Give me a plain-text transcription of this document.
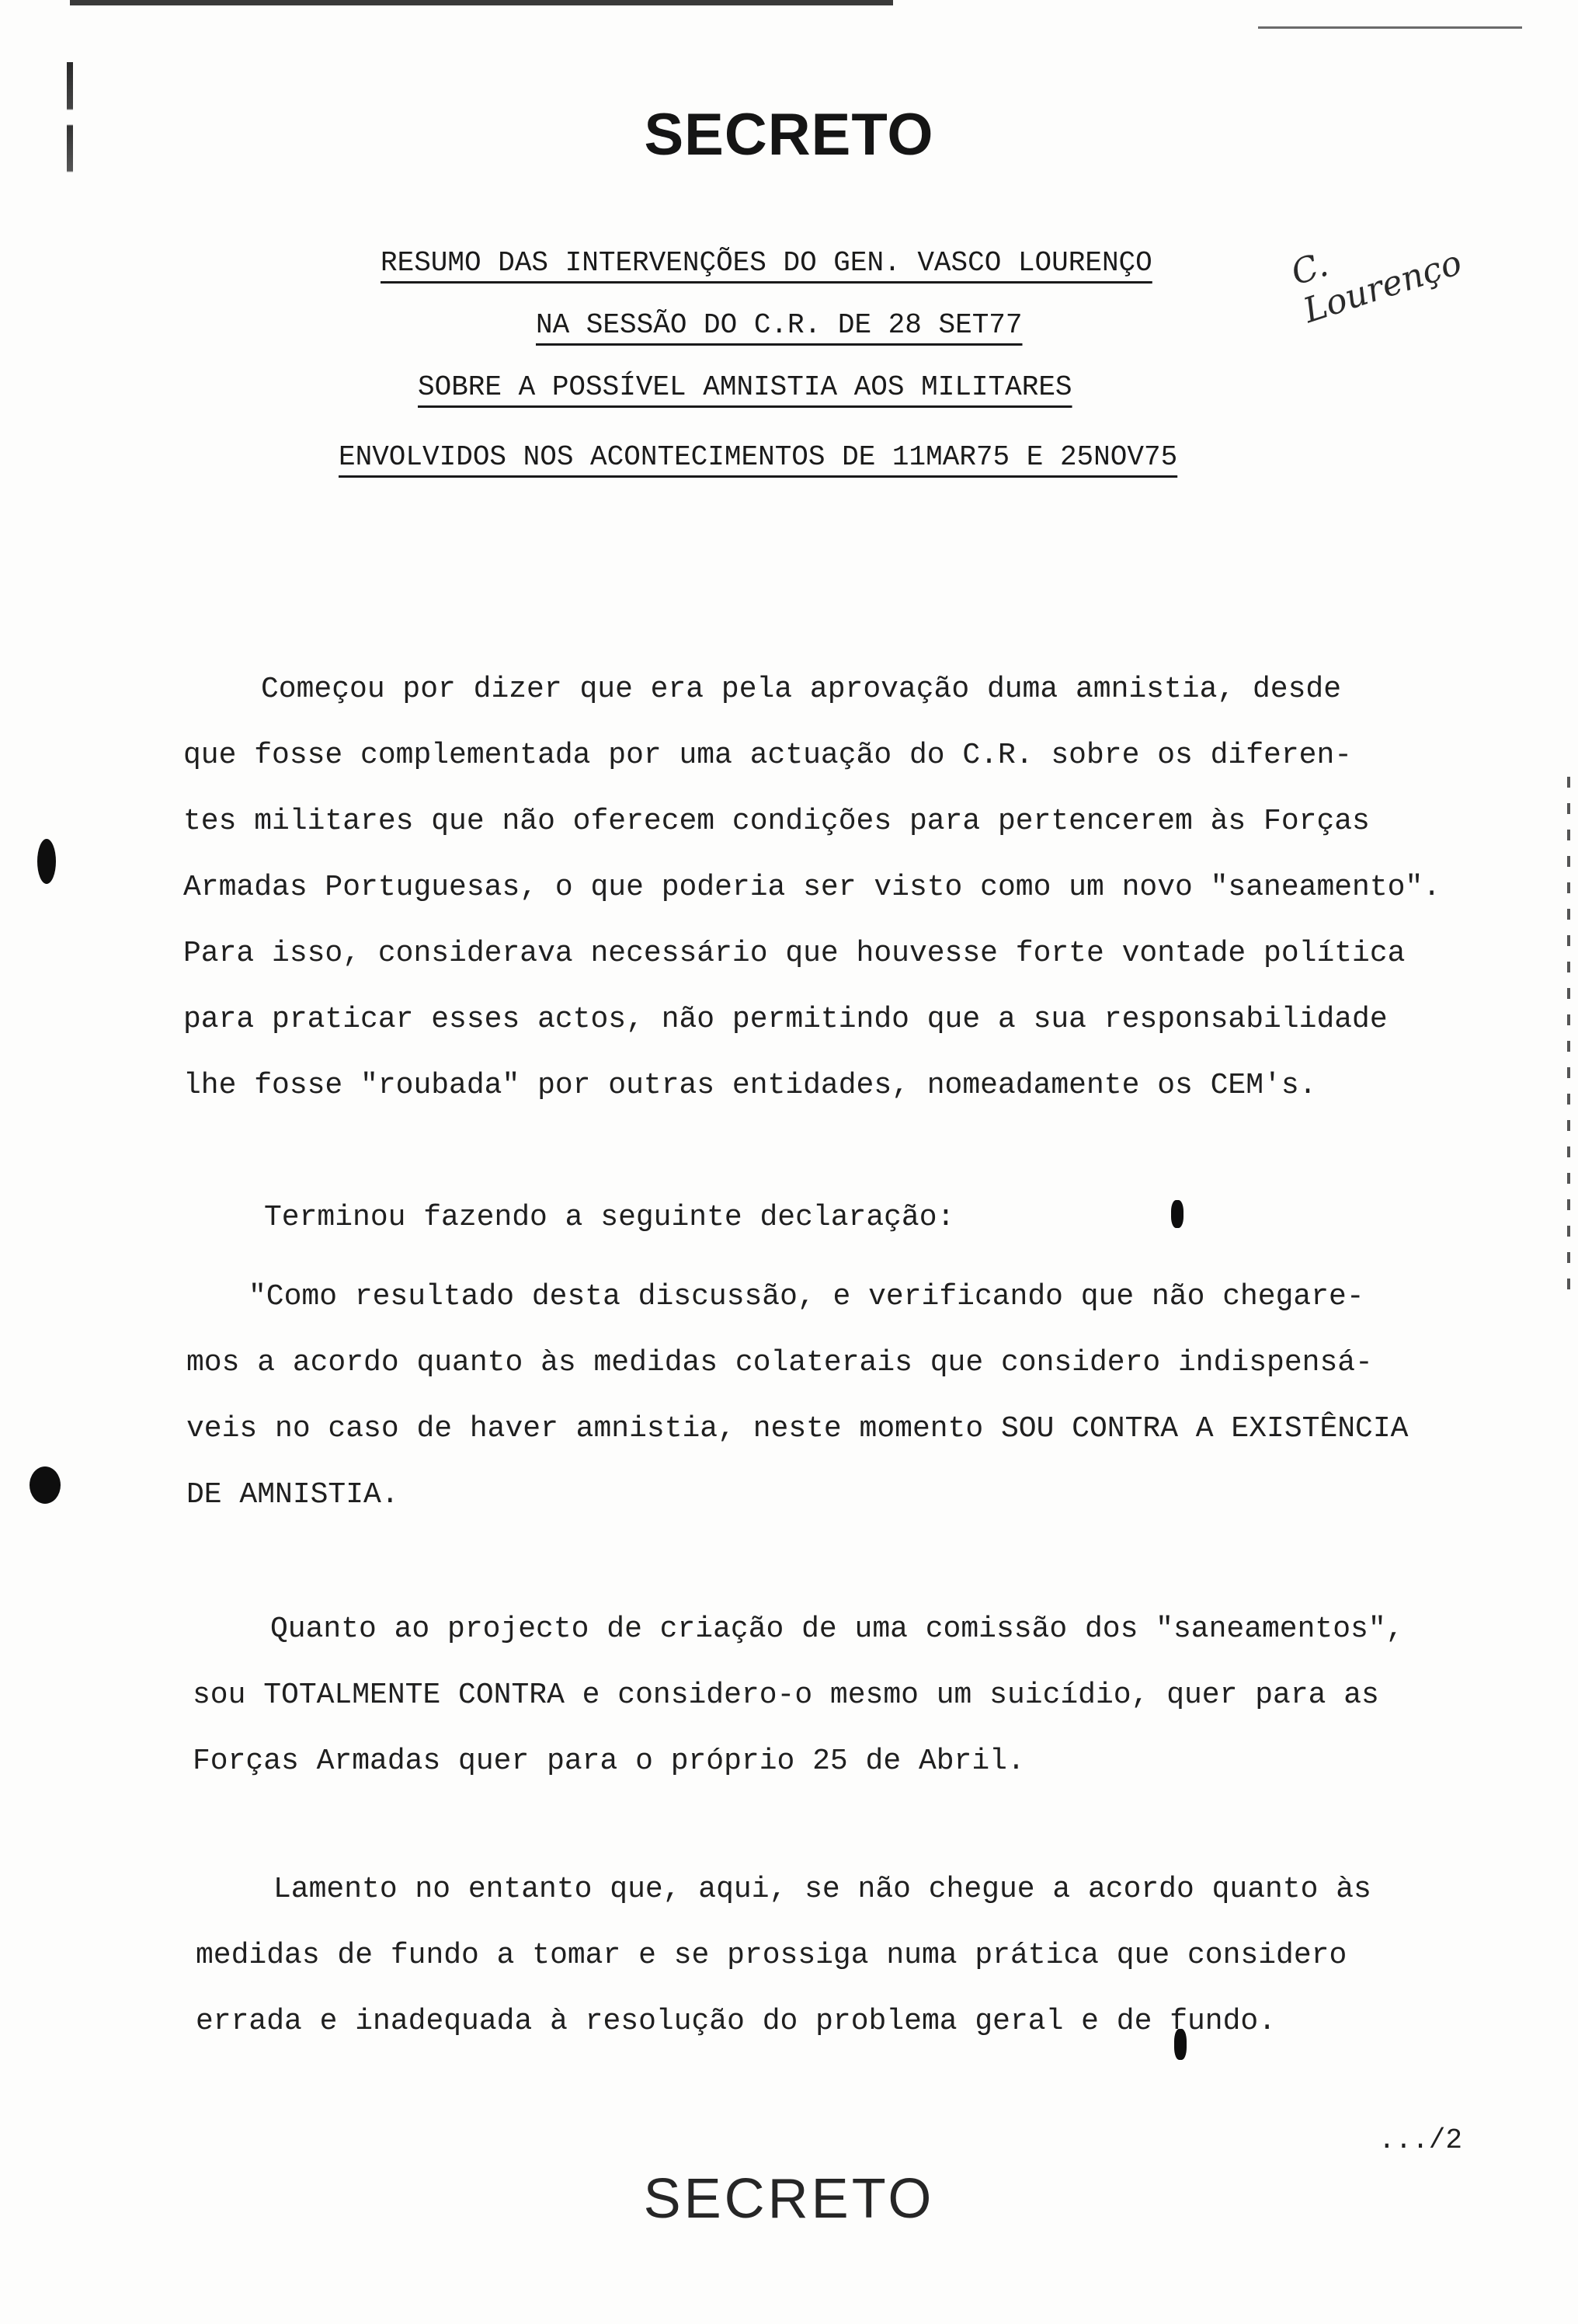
SECRETO
RESUMO DAS INTERVENÇÕES DO GEN. VASCO LOURENÇO
NA SESSÃO DO C.R. DE 28 SET77
SOBRE A POSSÍVEL AMNISTIA AOS MILITARES
ENVOLVIDOS NOS ACONTECIMENTOS DE 11MAR75 E 25NOV75
C. Lourenço
Começou por dizer que era pela aprovação duma amnistia, desde
que fosse complementada por uma actuação do C.R. sobre os diferen-
tes militares que não oferecem condições para pertencerem às Forças
Armadas Portuguesas, o que poderia ser visto como um novo "saneamento".
Para isso, considerava necessário que houvesse forte vontade política
para praticar esses actos, não permitindo que a sua responsabilidade
lhe fosse "roubada" por outras entidades, nomeadamente os CEM's.
Terminou fazendo a seguinte declaração:
"Como resultado desta discussão, e verificando que não chegare-
mos a acordo quanto às medidas colaterais que considero indispensá-
veis no caso de haver amnistia, neste momento SOU CONTRA A EXISTÊNCIA
DE AMNISTIA.
Quanto ao projecto de criação de uma comissão dos "saneamentos",
sou TOTALMENTE CONTRA e considero-o mesmo um suicídio, quer para as
Forças Armadas quer para o próprio 25 de Abril.
Lamento no entanto que, aqui, se não chegue a acordo quanto às
medidas de fundo a tomar e se prossiga numa prática que considero
errada e inadequada à resolução do problema geral e de fundo.
.../2
SECRETO
